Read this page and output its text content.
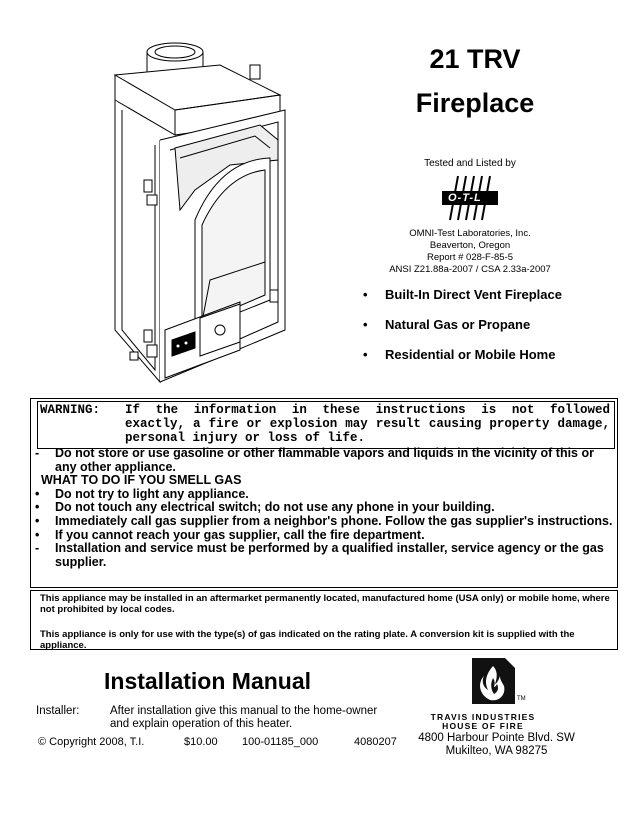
21 TRV
Fireplace
Tested and Listed by
O-T-L
OMNI-Test Laboratories, Inc.
Beaverton, Oregon
Report # 028-F-85-5
ANSI Z21.88a-2007 / CSA 2.33a-2007
• Built-In Direct Vent Fireplace
• Natural Gas or Propane
• Residential or Mobile Home
WARNING: If the information in these instructions is not followed exactly, a fire or explosion may result causing property damage, personal injury or loss of life.
- Do not store or use gasoline or other flammable vapors and liquids in the vicinity of this or any other appliance.
WHAT TO DO IF YOU SMELL GAS
• Do not try to light any appliance.
• Do not touch any electrical switch; do not use any phone in your building.
• Immediately call gas supplier from a neighbor's phone. Follow the gas supplier's instructions.
• If you cannot reach your gas supplier, call the fire department.
- Installation and service must be performed by a qualified installer, service agency or the gas supplier.

This appliance may be installed in an aftermarket permanently located, manufactured home (USA only) or mobile home, where not prohibited by local codes.

This appliance is only for use with the type(s) of gas indicated on the rating plate. A conversion kit is supplied with the appliance.

Installation Manual
Installer:	After installation give this manual to the home-owner and explain operation of this heater.
© Copyright 2008, T.I.	$10.00 100-01185_000	4080207
TM
TRAVIS INDUSTRIES
HOUSE OF FIRE
4800 Harbour Pointe Blvd. SW
Mukilteo, WA 98275
